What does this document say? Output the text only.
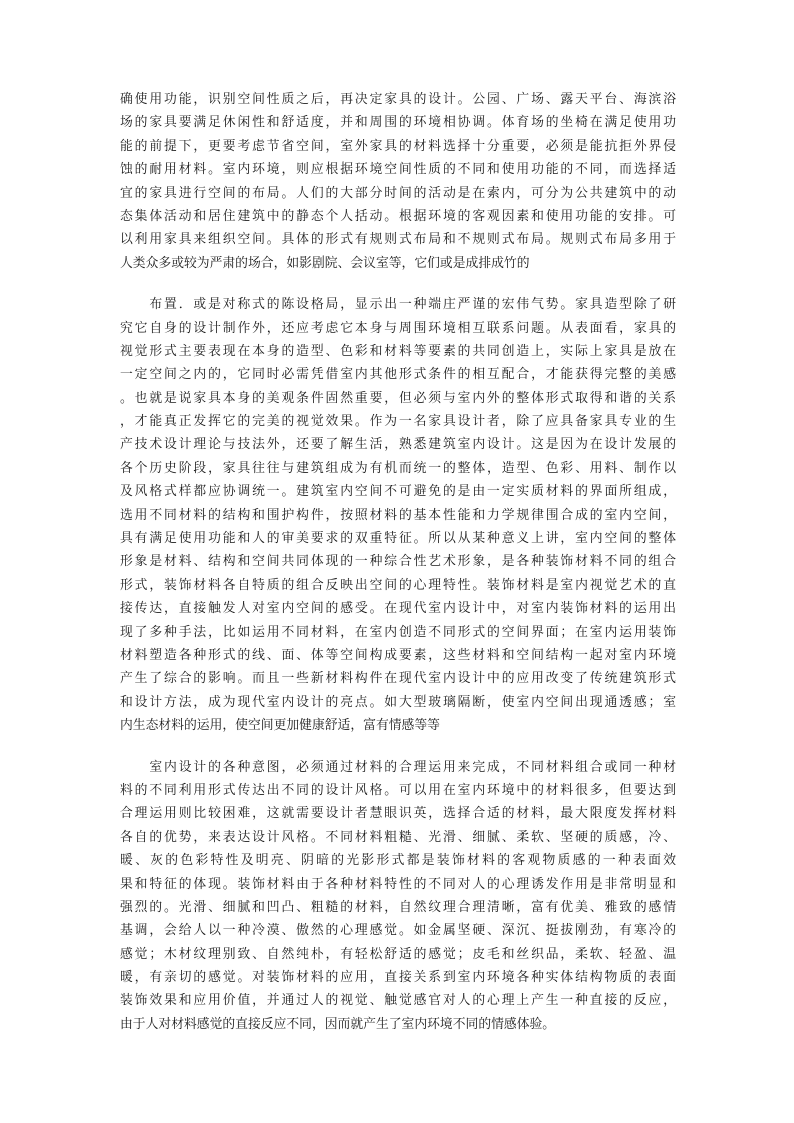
确使用功能，识别空间性质之后，再决定家具的设计。公园、广场、露天平台、海滨浴
场的家具要满足休闲性和舒适度，并和周围的环境相协调。体育场的坐椅在满足使用功
能的前提下，更要考虑节省空间，室外家具的材料选择十分重要，必须是能抗拒外界侵
蚀的耐用材料。室内环境，则应根据环境空间性质的不同和使用功能的不同，而选择适
宜的家具进行空间的布局。人们的大部分时间的活动是在索内，可分为公共建筑中的动
态集体活动和居住建筑中的静态个人括动。根据环境的客观因素和使用功能的安排。可
以利用家具来组织空间。具体的形式有规则式布局和不规则式布局。规则式布局多用于
人类众多或较为严肃的场合，如影剧院、会议室等，它们或是成排成竹的
　　布置．或是对称式的陈设格局，显示出一种端庄严谨的宏伟气势。家具造型除了研
究它自身的设计制作外，还应考虑它本身与周围环境相互联系问题。从表面看，家具的
视觉形式主要表现在本身的造型、色彩和材料等要素的共同创造上，实际上家具是放在
一定空间之内的，它同时必需凭借室内其他形式条件的相互配合，才能获得完整的美感
。也就是说家具本身的美观条件固然重要，但必须与室内外的整体形式取得和谐的关系
，才能真正发挥它的完美的视觉效果。作为一名家具设计者，除了应具备家具专业的生
产技术设计理论与技法外，还要了解生活，熟悉建筑室内设计。这是因为在设计发展的
各个历史阶段，家具往往与建筑组成为有机而统一的整体，造型、色彩、用料、制作以
及风格式样都应协调统一。建筑室内空间不可避免的是由一定实质材料的界面所组成，
选用不同材料的结构和围护构件，按照材料的基本性能和力学规律围合成的室内空间，
具有满足使用功能和人的审美要求的双重特征。所以从某种意义上讲，室内空间的整体
形象是材料、结构和空间共同体现的一种综合性艺术形象，是各种装饰材料不同的组合
形式，装饰材料各自特质的组合反映出空间的心理特性。装饰材料是室内视觉艺术的直
接传达，直接触发人对室内空间的感受。在现代室内设计中，对室内装饰材料的运用出
现了多种手法，比如运用不同材料，在室内创造不同形式的空间界面；在室内运用装饰
材料塑造各种形式的线、面、体等空间构成要素，这些材料和空间结构一起对室内环境
产生了综合的影响。而且一些新材料构件在现代室内设计中的应用改变了传统建筑形式
和设计方法，成为现代室内设计的亮点。如大型玻璃隔断，使室内空间出现通透感；室
内生态材料的运用，使空间更加健康舒适，富有情感等等
　　室内设计的各种意图，必须通过材料的合理运用来完成，不同材料组合或同一种材
料的不同利用形式传达出不同的设计风格。可以用在室内环境中的材料很多，但要达到
合理运用则比较困难，这就需要设计者慧眼识英，选择合适的材料，最大限度发挥材料
各自的优势，来表达设计风格。不同材料粗糙、光滑、细腻、柔软、坚硬的质感，冷、
暖、灰的色彩特性及明亮、阴暗的光影形式都是装饰材料的客观物质感的一种表面效
果和特征的体现。装饰材料由于各种材料特性的不同对人的心理诱发作用是非常明显和
强烈的。光滑、细腻和凹凸、粗糙的材料，自然纹理合理清晰，富有优美、雅致的感情
基调，会给人以一种冷漠、傲然的心理感觉。如金属坚硬、深沉、挺拔刚劲，有寒冷的
感觉；木材纹理别致、自然纯朴，有轻松舒适的感觉；皮毛和丝织品，柔软、轻盈、温
暖，有亲切的感觉。对装饰材料的应用，直接关系到室内环境各种实体结构物质的表面
装饰效果和应用价值，并通过人的视觉、触觉感官对人的心理上产生一种直接的反应，
由于人对材料感觉的直接反应不同，因而就产生了室内环境不同的情感体验。
